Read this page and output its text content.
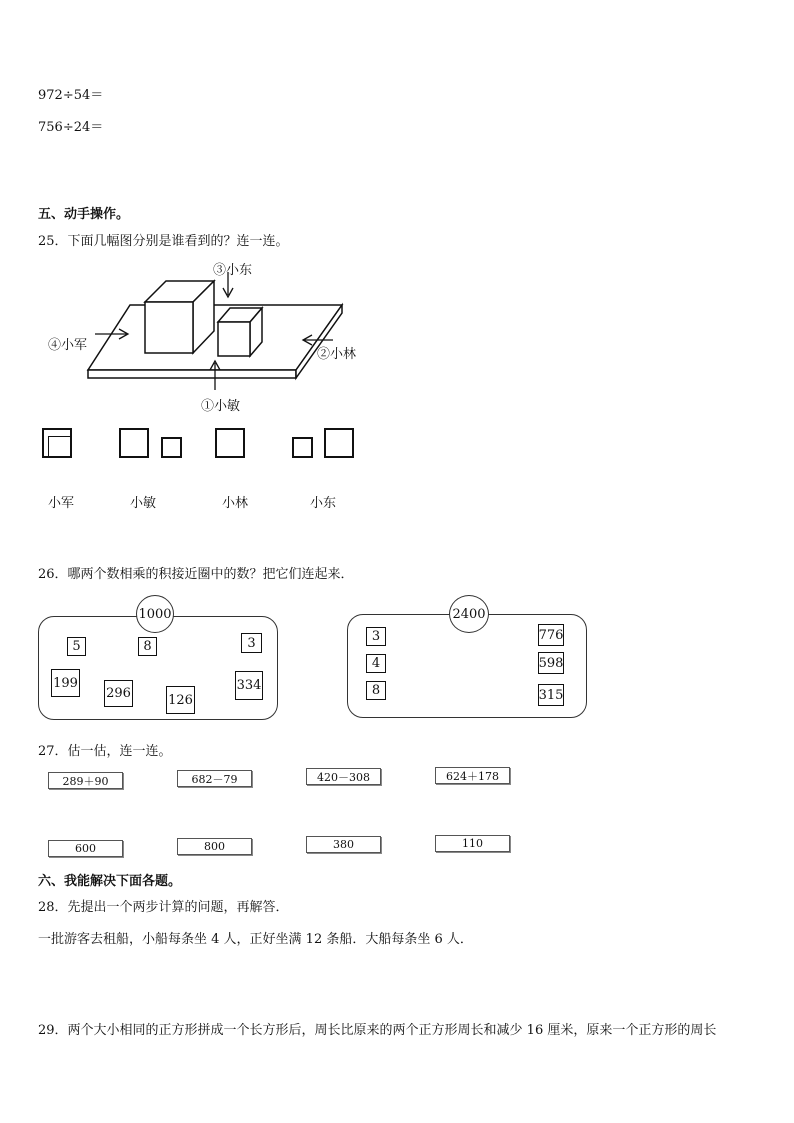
972÷54＝
756÷24＝
五、动手操作。
25．下面几幅图分别是谁看到的？连一连。
③小东
④小军
②小林
①小敏
小军	小敏	小林	小东
26．哪两个数相乘的积接近圈中的数？把它们连起来．
1000
5	8	3
199
296	126
334
2400
3
4
8
776
598
315
27．估一估，连一连。
289＋90	682－79	420－308	624＋178
600	800	380	110
六、我能解决下面各题。
28．先提出一个两步计算的问题，再解答．
一批游客去租船，小船每条坐 4 人，正好坐满 12 条船．大船每条坐 6 人．
29．两个大小相同的正方形拼成一个长方形后，周长比原来的两个正方形周长和减少 16 厘米，原来一个正方形的周长
